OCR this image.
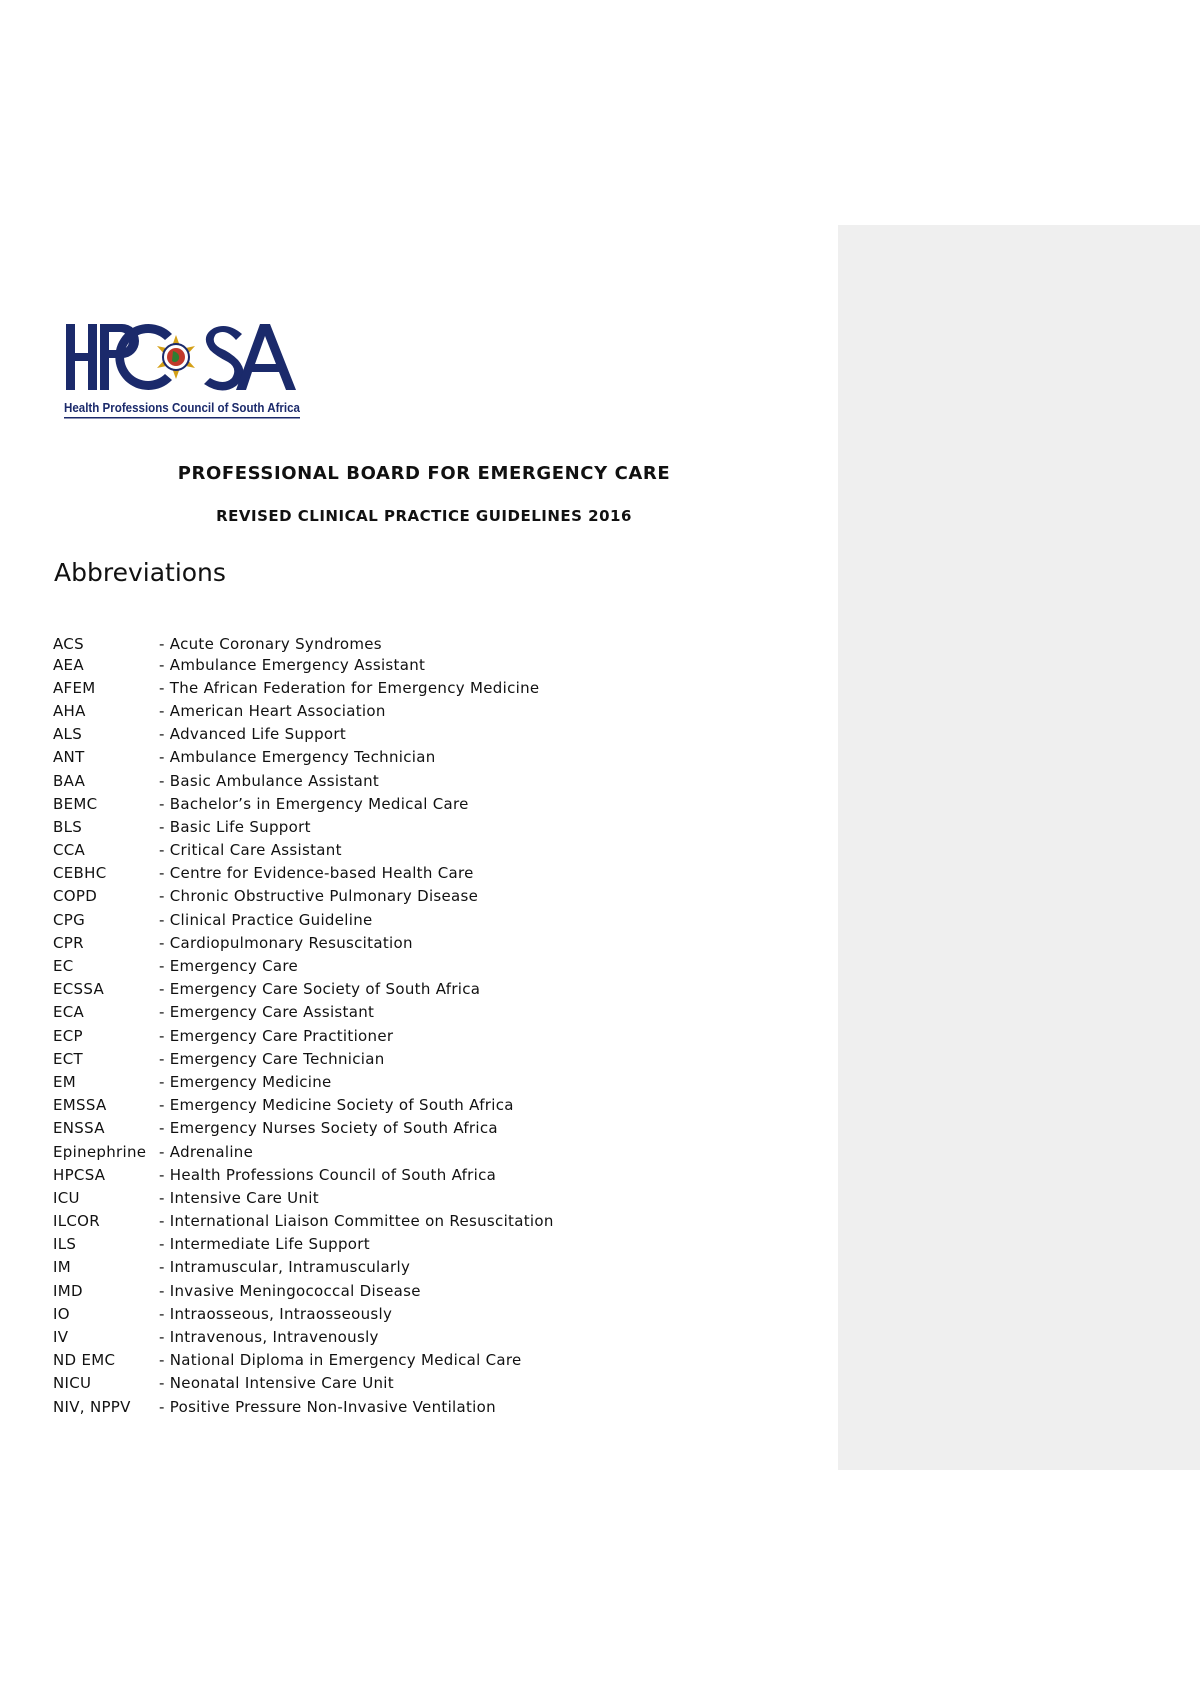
Health Professions Council of South Africa
PROFESSIONAL BOARD FOR EMERGENCY CARE
REVISED CLINICAL PRACTICE GUIDELINES 2016
Abbreviations
ACS	- Acute Coronary Syndromes
AEA	- Ambulance Emergency Assistant
AFEM	- The African Federation for Emergency Medicine
AHA	- American Heart Association
ALS	- Advanced Life Support
ANT	- Ambulance Emergency Technician
BAA	- Basic Ambulance Assistant
BEMC	- Bachelor’s in Emergency Medical Care
BLS	- Basic Life Support
CCA	- Critical Care Assistant
CEBHC	- Centre for Evidence-based Health Care
COPD	- Chronic Obstructive Pulmonary Disease
CPG	- Clinical Practice Guideline
CPR	- Cardiopulmonary Resuscitation
EC	- Emergency Care
ECSSA	- Emergency Care Society of South Africa
ECA	- Emergency Care Assistant
ECP	- Emergency Care Practitioner
ECT	- Emergency Care Technician
EM	- Emergency Medicine
EMSSA	- Emergency Medicine Society of South Africa
ENSSA	- Emergency Nurses Society of South Africa
Epinephrine - Adrenaline
HPCSA	- Health Professions Council of South Africa
ICU	- Intensive Care Unit
ILCOR	- International Liaison Committee on Resuscitation
ILS	- Intermediate Life Support
IM	- Intramuscular, Intramuscularly
IMD	- Invasive Meningococcal Disease
IO	- Intraosseous, Intraosseously
IV	- Intravenous, Intravenously
ND EMC	- National Diploma in Emergency Medical Care
NICU	- Neonatal Intensive Care Unit
NIV, NPPV	- Positive Pressure Non-Invasive Ventilation
